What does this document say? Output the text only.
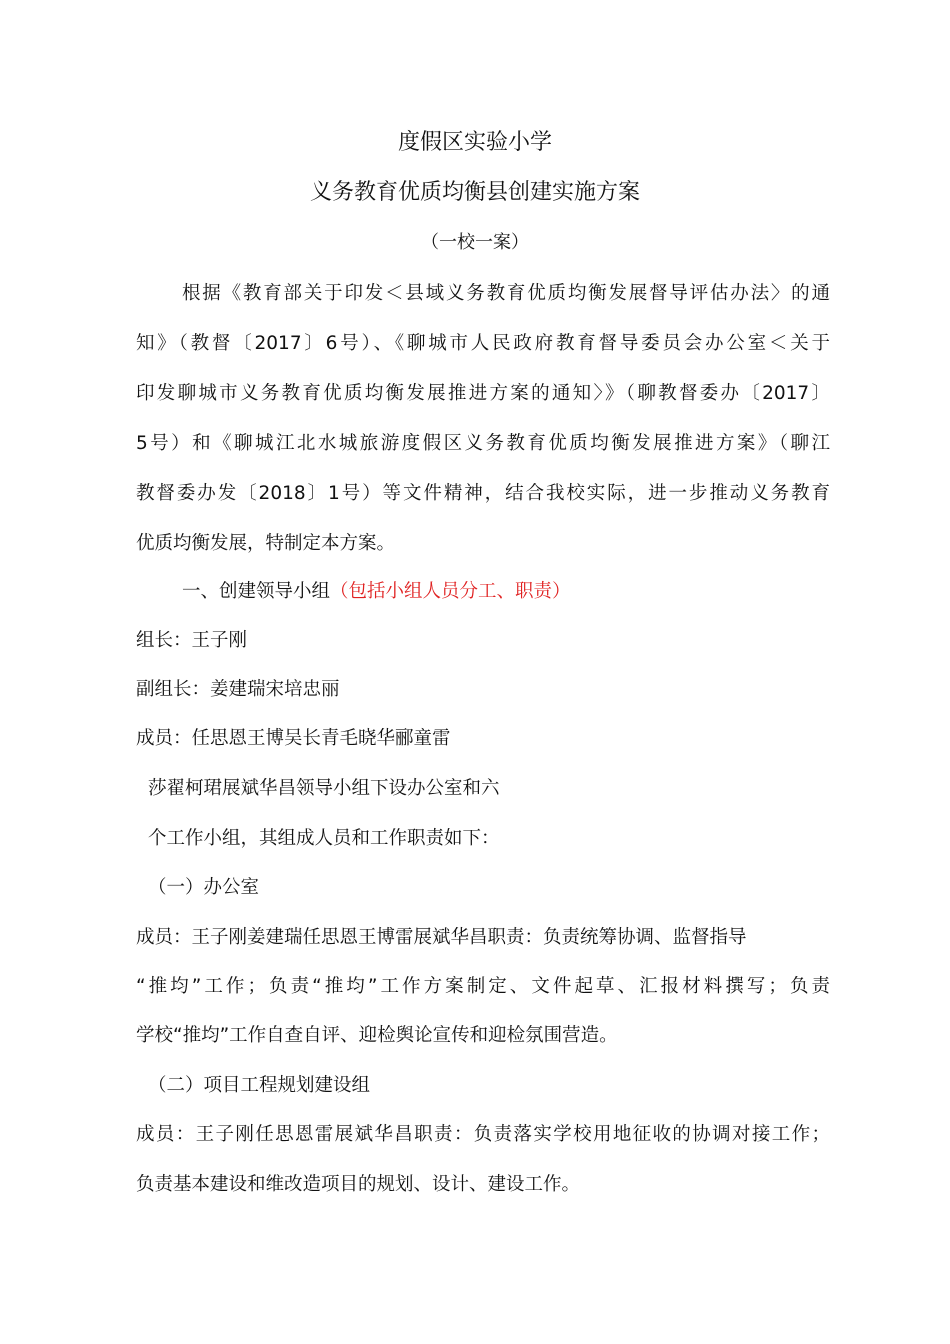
度假区实验小学
义务教育优质均衡县创建实施方案
（一校一案）
根据《教育部关于印发＜县域义务教育优质均衡发展督导评估办法〉的通
知》（教督〔2017〕6号）、《聊城市人民政府教育督导委员会办公室＜关于
印发聊城市义务教育优质均衡发展推进方案的通知〉》（聊教督委办〔2017〕
5号）和《聊城江北水城旅游度假区义务教育优质均衡发展推进方案》（聊江
教督委办发〔2018〕1号）等文件精神，结合我校实际，进一步推动义务教育
优质均衡发展，特制定本方案。
一、创建领导小组（包括小组人员分工、职责）
组长：王子刚
副组长：姜建瑞宋培忠丽
成员：任思恩王博吴长青毛晓华郦童雷
莎翟柯珺展斌华昌领导小组下设办公室和六
个工作小组，其组成人员和工作职责如下：
（一）办公室
成员：王子刚姜建瑞任思恩王博雷展斌华昌职责：负责统筹协调、监督指导
“推均”工作；负责“推均”工作方案制定、文件起草、汇报材料撰写；负责
学校“推均”工作自查自评、迎检舆论宣传和迎检氛围营造。
（二）项目工程规划建设组
成员：王子刚任思恩雷展斌华昌职责：负责落实学校用地征收的协调对接工作；
负责基本建设和维改造项目的规划、设计、建设工作。
